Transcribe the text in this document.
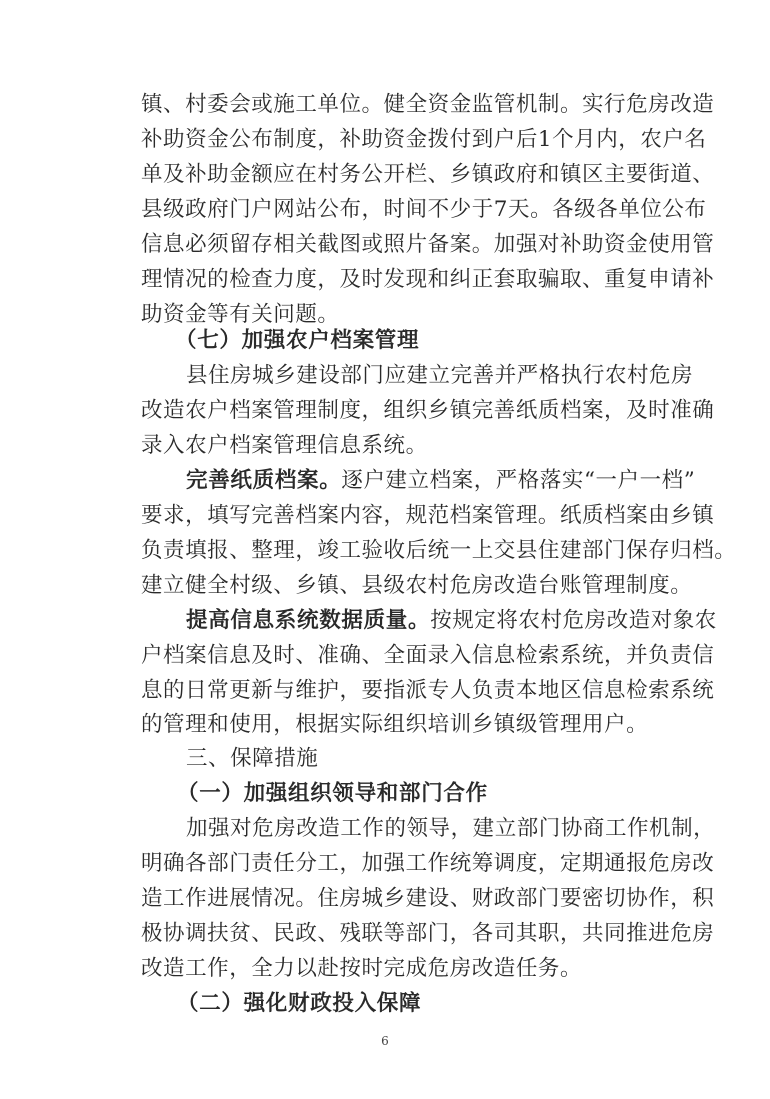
镇、村委会或施工单位。健全资金监管机制。实行危房改造
补助资金公布制度，补助资金拨付到户后1个月内，农户名
单及补助金额应在村务公开栏、乡镇政府和镇区主要街道、
县级政府门户网站公布，时间不少于7天。各级各单位公布
信息必须留存相关截图或照片备案。加强对补助资金使用管
理情况的检查力度，及时发现和纠正套取骗取、重复申请补
助资金等有关问题。
（七）加强农户档案管理
县住房城乡建设部门应建立完善并严格执行农村危房
改造农户档案管理制度，组织乡镇完善纸质档案，及时准确
录入农户档案管理信息系统。
完善纸质档案。逐户建立档案，严格落实“一户一档”
要求，填写完善档案内容，规范档案管理。纸质档案由乡镇
负责填报、整理，竣工验收后统一上交县住建部门保存归档。
建立健全村级、乡镇、县级农村危房改造台账管理制度。
提高信息系统数据质量。按规定将农村危房改造对象农
户档案信息及时、准确、全面录入信息检索系统，并负责信
息的日常更新与维护，要指派专人负责本地区信息检索系统
的管理和使用，根据实际组织培训乡镇级管理用户。
三、保障措施
（一）加强组织领导和部门合作
加强对危房改造工作的领导，建立部门协商工作机制，
明确各部门责任分工，加强工作统筹调度，定期通报危房改
造工作进展情况。住房城乡建设、财政部门要密切协作，积
极协调扶贫、民政、残联等部门，各司其职，共同推进危房
改造工作，全力以赴按时完成危房改造任务。
（二）强化财政投入保障
6
